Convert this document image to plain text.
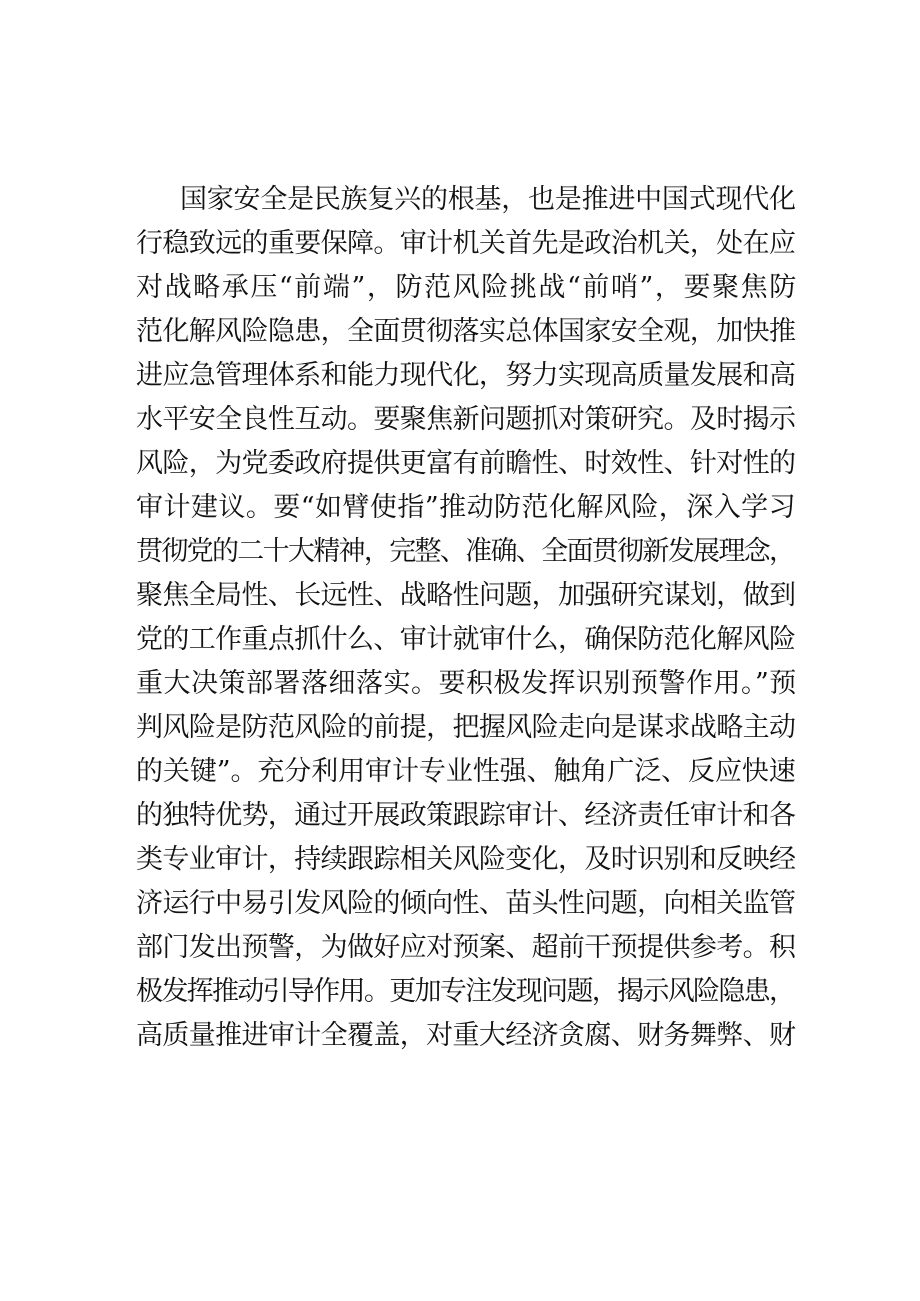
国家安全是民族复兴的根基，也是推进中国式现代化
行稳致远的重要保障。审计机关首先是政治机关，处在应
对战略承压“前端”，防范风险挑战“前哨”，要聚焦防
范化解风险隐患，全面贯彻落实总体国家安全观，加快推
进应急管理体系和能力现代化，努力实现高质量发展和高
水平安全良性互动。要聚焦新问题抓对策研究。及时揭示
风险，为党委政府提供更富有前瞻性、时效性、针对性的
审计建议。要“如臂使指”推动防范化解风险，深入学习
贯彻党的二十大精神，完整、准确、全面贯彻新发展理念，
聚焦全局性、长远性、战略性问题，加强研究谋划，做到
党的工作重点抓什么、审计就审什么，确保防范化解风险
重大决策部署落细落实。要积极发挥识别预警作用。”预
判风险是防范风险的前提，把握风险走向是谋求战略主动
的关键”。充分利用审计专业性强、触角广泛、反应快速
的独特优势，通过开展政策跟踪审计、经济责任审计和各
类专业审计，持续跟踪相关风险变化，及时识别和反映经
济运行中易引发风险的倾向性、苗头性问题，向相关监管
部门发出预警，为做好应对预案、超前干预提供参考。积
极发挥推动引导作用。更加专注发现问题，揭示风险隐患，
高质量推进审计全覆盖，对重大经济贪腐、财务舞弊、财
